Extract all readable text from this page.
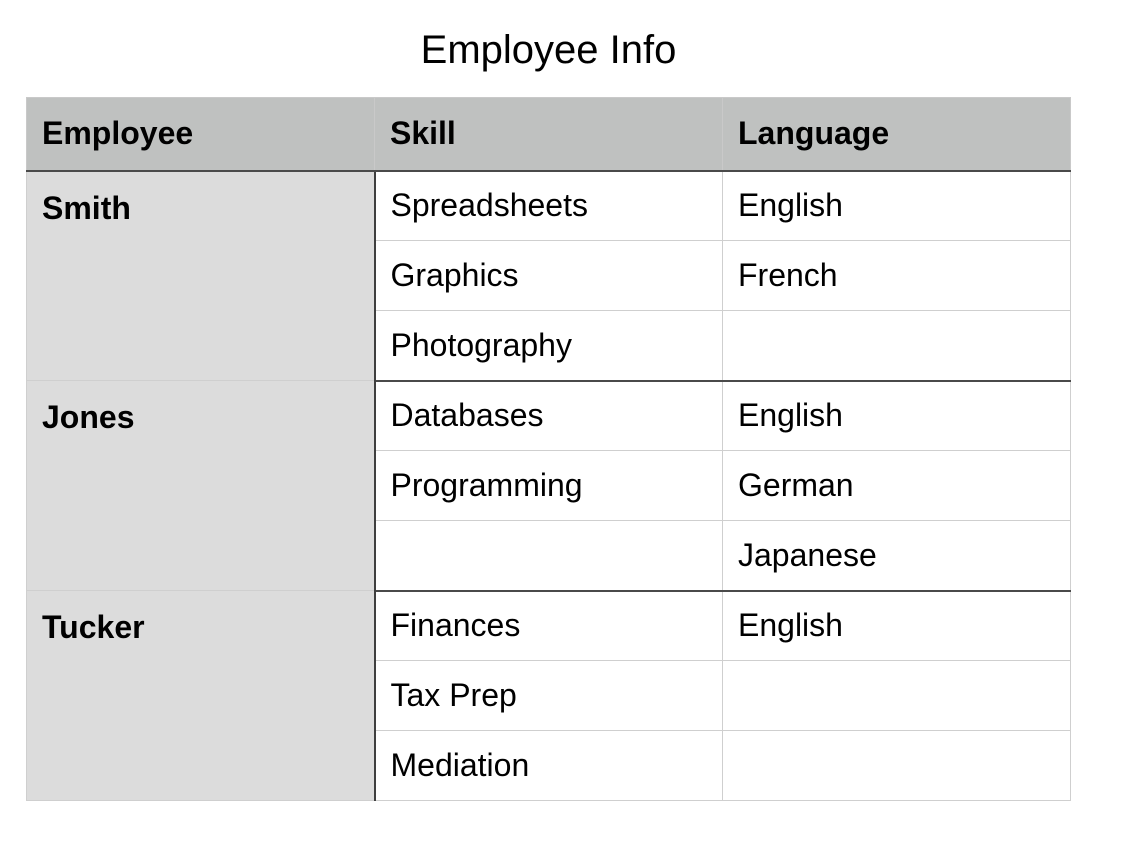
Employee Info
Employee	Skill	Language
Smith	Spreadsheets	English
	Graphics	French
	Photography	
Jones	Databases	English
	Programming	German
		Japanese
Tucker	Finances	English
	Tax Prep	
	Mediation	
